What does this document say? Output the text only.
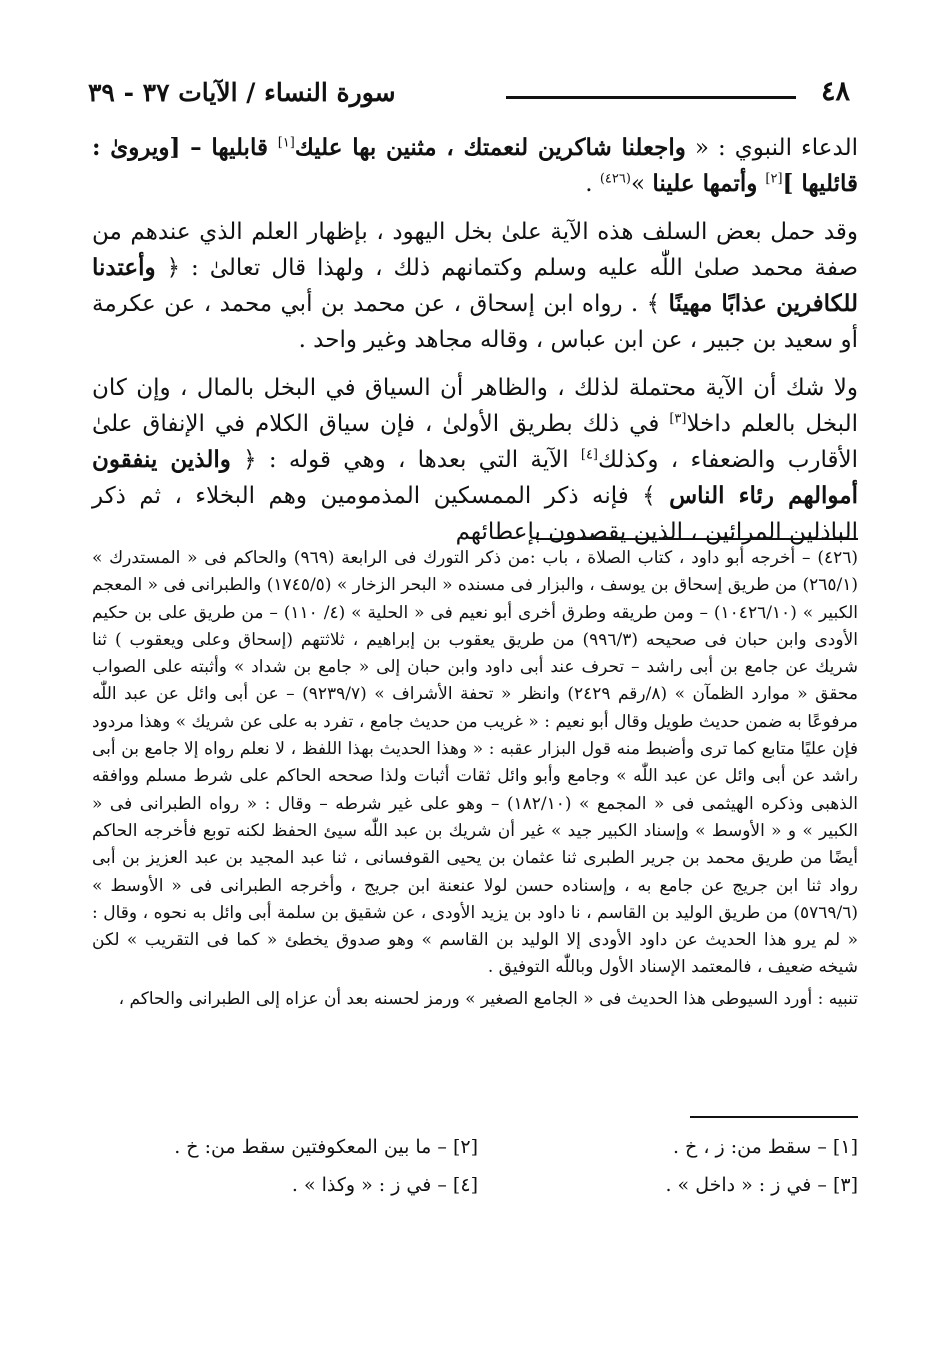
٤٨
سورة النساء / الآيات ٣٧ - ٣٩

الدعاء النبوي : « واجعلنا شاكرين لنعمتك ، مثنين بها عليك[١] قابليها – [ويرویٰ : قائليها ][٢] وأتمها علينا »$^{(٤٢٦)}$ .

وقد حمل بعض السلف هذه الآية علىٰ بخل اليهود ، بإظهار العلم الذي عندهم من صفة محمد صلىٰ اللّٰه عليه وسلم وكتمانهم ذلك ، ولهذا قال تعالىٰ : ﴿ وأعتدنا للكافرين عذابًا مهينًا ﴾ . رواه ابن إسحاق ، عن محمد بن أبي محمد ، عن عكرمة أو سعيد بن جبير ، عن ابن عباس ، وقاله مجاهد وغير واحد .

ولا شك أن الآية محتملة لذلك ، والظاهر أن السياق في البخل بالمال ، وإن كان البخل بالعلم داخلا[٣] في ذلك بطريق الأولىٰ ، فإن سياق الكلام في الإنفاق علىٰ الأقارب والضعفاء ، وكذلك[٤] الآية التي بعدها ، وهي قوله : ﴿ والذين ينفقون أموالهم رئاء الناس ﴾ فإنه ذكر الممسكين المذمومين وهم البخلاء ، ثم ذكر الباذلين المرائين ، الذين يقصدون بإعطائهم

(٤٢٦) – أخرجه أبو داود ، كتاب الصلاة ، باب :من ذكر التورك فى الرابعة (٩٦٩) والحاكم فى « المستدرك » (٢٦٥/١) من طريق إسحاق بن يوسف ، والبزار فى مسنده « البحر الزخار » (١٧٤٥/٥) والطبرانى فى « المعجم الكبير » (١٠٤٢٦/١٠) – ومن طريقه وطرق أخرى أبو نعيم فى « الحلية » (٤/ ١١٠) – من طريق على بن حكيم الأودى وابن حبان فى صحيحه (٩٩٦/٣) من طريق يعقوب بن إبراهيم ، ثلاثتهم (إسحاق وعلى ويعقوب ) ثنا شريك عن جامع بن أبى راشد – تحرف عند أبى داود وابن حبان إلى « جامع بن شداد » وأثبته على الصواب محقق « موارد الظمآن » (٨/رقم ٢٤٢٩) وانظر « تحفة الأشراف » (٩٢٣٩/٧) – عن أبى وائل عن عبد اللّٰه مرفوعًا به ضمن حديث طويل وقال أبو نعيم : « غريب من حديث جامع ، تفرد به على عن شريك » وهذا مردود فإن عليًا متابع كما ترى وأضبط منه قول البزار عقبه : « وهذا الحديث بهذا اللفظ ، لا نعلم رواه إلا جامع بن أبى راشد عن أبى وائل عن عبد اللّٰه » وجامع وأبو وائل ثقات أثبات ولذا صححه الحاكم على شرط مسلم ووافقه الذهبى وذكره الهيثمى فى « المجمع » (١٨٢/١٠) – وهو على غير شرطه – وقال : « رواه الطبرانى فى « الكبير » و « الأوسط » وإسناد الكبير جيد » غير أن شريك بن عبد اللّٰه سيئ الحفظ لكنه توبع فأخرجه الحاكم أيضًا من طريق محمد بن جرير الطبرى ثنا عثمان بن يحيى القوفسانى ، ثنا عبد المجيد بن عبد العزيز بن أبى رواد ثنا ابن جريج عن جامع به ، وإسناده حسن لولا عنعنة ابن جريج ، وأخرجه الطبرانى فى « الأوسط » (٥٧٦٩/٦) من طريق الوليد بن القاسم ، نا داود بن يزيد الأودى ، عن شقيق بن سلمة أبى وائل به نحوه ، وقال : « لم يرو هذا الحديث عن داود الأودى إلا الوليد بن القاسم » وهو صدوق يخطئ « كما فى التقريب » لكن شيخه ضعيف ، فالمعتمد الإسناد الأول وباللّٰه التوفيق .

تنبيه : أورد السيوطى هذا الحديث فى « الجامع الصغير » ورمز لحسنه بعد أن عزاه إلى الطبرانى والحاكم ،

[١] – سقط من: ز ، خ .
[٢] – ما بين المعكوفتين سقط من: خ .
[٣] – في ز : « داخل » .
[٤] – في ز : « وكذا » .
